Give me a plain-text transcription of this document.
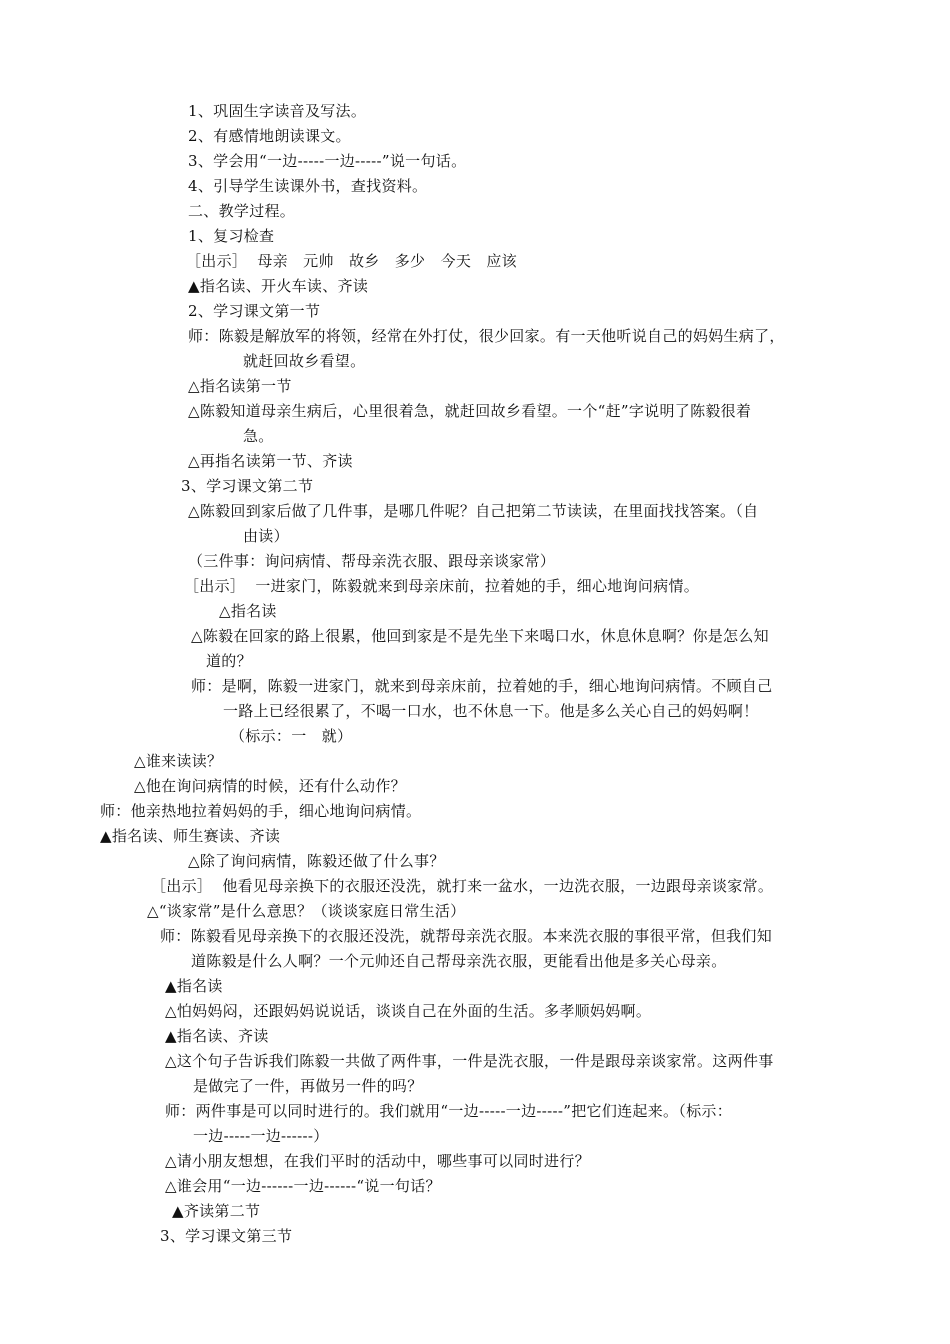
1、巩固生字读音及写法。
2、有感情地朗读课文。
3、学会用“一边-----一边-----”说一句话。
4、引导学生读课外书，查找资料。
二、教学过程。
1、复习检查
［出示］  母亲   元帅   故乡   多少   今天   应该
▲指名读、开火车读、齐读
2、学习课文第一节
师：陈毅是解放军的将领，经常在外打仗，很少回家。有一天他听说自己的妈妈生病了，
就赶回故乡看望。
△指名读第一节
△陈毅知道母亲生病后，心里很着急，就赶回故乡看望。一个“赶”字说明了陈毅很着
急。
△再指名读第一节、齐读
3、学习课文第二节
△陈毅回到家后做了几件事，是哪几件呢？自己把第二节读读，在里面找找答案。（自
由读）
（三件事：询问病情、帮母亲洗衣服、跟母亲谈家常）
［出示］  一进家门，陈毅就来到母亲床前，拉着她的手，细心地询问病情。
△指名读
△陈毅在回家的路上很累，他回到家是不是先坐下来喝口水，休息休息啊？你是怎么知
道的？
师：是啊，陈毅一进家门，就来到母亲床前，拉着她的手，细心地询问病情。不顾自己
一路上已经很累了，不喝一口水，也不休息一下。他是多么关心自己的妈妈啊！
（标示：一   就）
△谁来读读？
△他在询问病情的时候，还有什么动作？
师：他亲热地拉着妈妈的手，细心地询问病情。
▲指名读、师生赛读、齐读
△除了询问病情，陈毅还做了什么事？
［出示］  他看见母亲换下的衣服还没洗，就打来一盆水，一边洗衣服，一边跟母亲谈家常。
△“谈家常”是什么意思？（谈谈家庭日常生活）
师：陈毅看见母亲换下的衣服还没洗，就帮母亲洗衣服。本来洗衣服的事很平常，但我们知
道陈毅是什么人啊？一个元帅还自己帮母亲洗衣服，更能看出他是多关心母亲。
▲指名读
△怕妈妈闷，还跟妈妈说说话，谈谈自己在外面的生活。多孝顺妈妈啊。
▲指名读、齐读
△这个句子告诉我们陈毅一共做了两件事，一件是洗衣服，一件是跟母亲谈家常。这两件事
是做完了一件，再做另一件的吗？
师：两件事是可以同时进行的。我们就用“一边-----一边-----”把它们连起来。（标示：
一边-----一边------）
△请小朋友想想，在我们平时的活动中，哪些事可以同时进行？
△谁会用“一边------一边------“说一句话？
▲齐读第二节
3、学习课文第三节
